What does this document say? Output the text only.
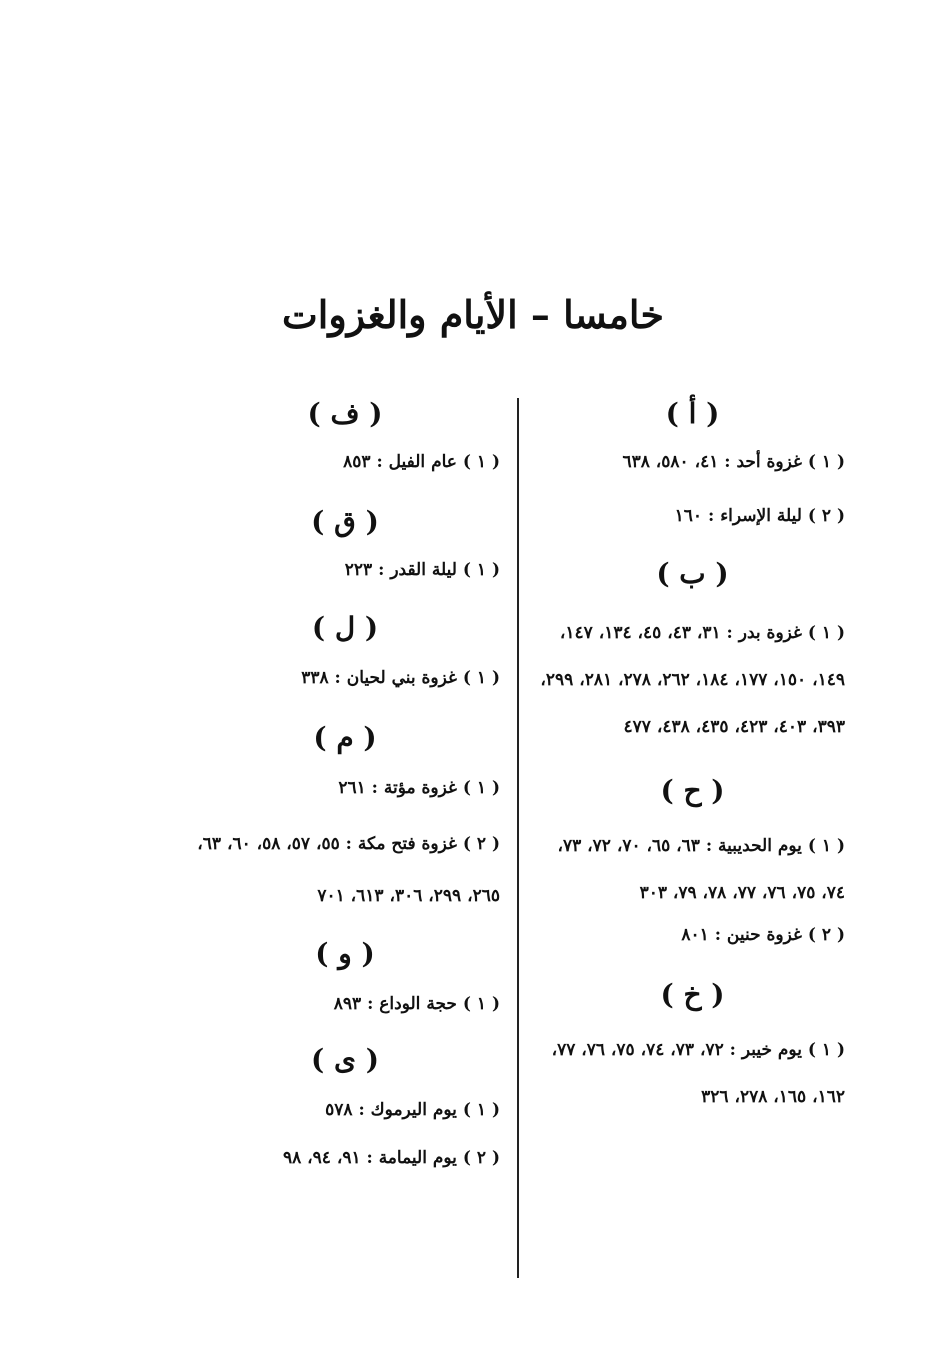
خامسا – الأيام والغزوات
( أ )

( ١ )غزوة أحد : ٤١، ٥٨٠، ٦٣٨

( ٢ )ليلة الإسراء : ١٦٠

( ب )

( ١ )غزوة بدر : ٣١، ٤٣، ٤٥، ١٣٤، ١٤٧، ١٤٩، ١٥٠، ١٧٧، ١٨٤، ٢٦٢، ٢٧٨، ٢٨١، ٢٩٩، ٣٩٣، ٤٠٣، ٤٢٣، ٤٣٥، ٤٣٨، ٤٧٧

( ح )

( ١ )يوم الحديبية : ٦٣، ٦٥، ٧٠، ٧٢، ٧٣، ٧٤، ٧٥، ٧٦، ٧٧، ٧٨، ٧٩، ٣٠٣

( ٢ )غزوة حنين : ٨٠١

( خ )

( ١ )يوم خيبر : ٧٢، ٧٣، ٧٤، ٧٥، ٧٦، ٧٧، ١٦٢، ١٦٥، ٢٧٨، ٣٢٦

( ف )

( ١ )عام الفيل : ٨٥٣

( ق )

( ١ )ليلة القدر : ٢٢٣

( ل )

( ١ )غزوة بني لحيان : ٣٣٨

( م )

( ١ )غزوة مؤتة : ٢٦١

( ٢ )غزوة فتح مكة : ٥٥، ٥٧، ٥٨، ٦٠، ٦٣، ٢٦٥، ٢٩٩، ٣٠٦، ٦١٣، ٧٠١

( و )

( ١ )حجة الوداع : ٨٩٣

( ى )

( ١ )يوم اليرموك : ٥٧٨

( ٢ )يوم اليمامة : ٩١، ٩٤، ٩٨
